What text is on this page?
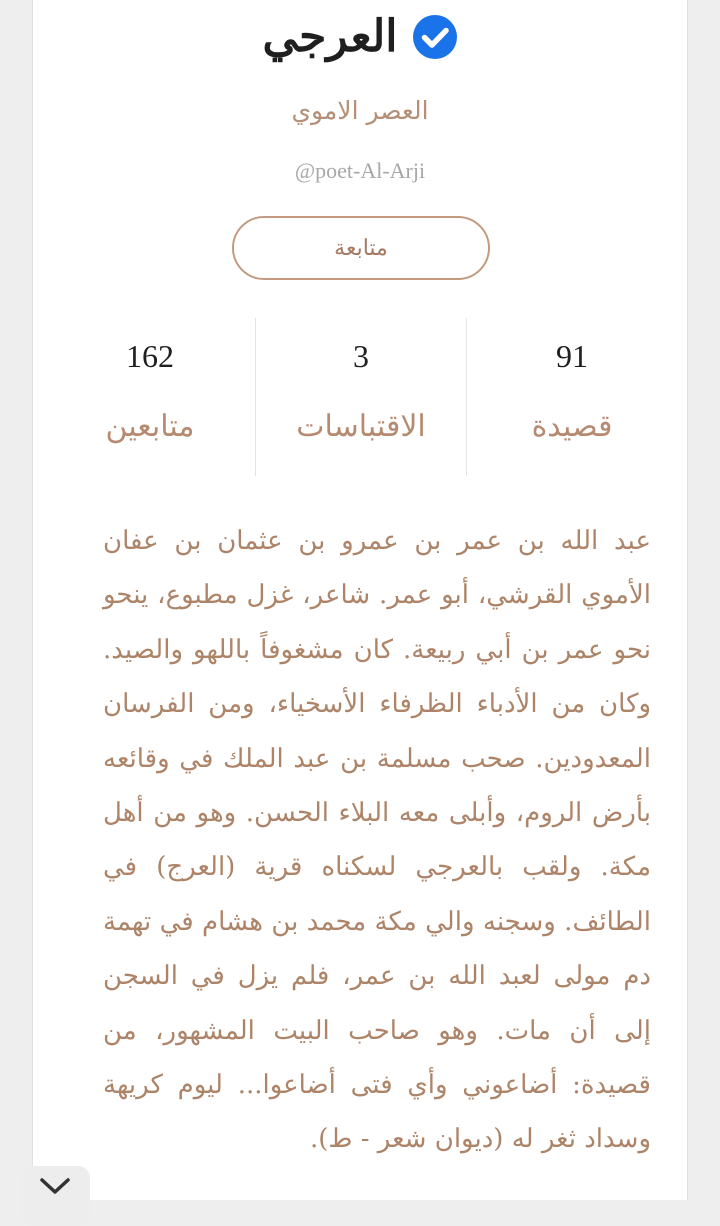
العرجي
العصر الاموي
@poet-Al-Arji
متابعة
91
قصيدة
3
الاقتباسات
162
متابعين

عبد الله بن عمر بن عمرو بن عثمان بن عفان الأموي القرشي، أبو عمر. شاعر، غزل مطبوع، ينحو نحو عمر بن أبي ربيعة. كان مشغوفاً باللهو والصيد. وكان من الأدباء الظرفاء الأسخياء، ومن الفرسان المعدودين. صحب مسلمة بن عبد الملك في وقائعه بأرض الروم، وأبلى معه البلاء الحسن. وهو من أهل مكة. ولقب بالعرجي لسكناه قرية (العرج) في الطائف. وسجنه والي مكة محمد بن هشام في تهمة دم مولى لعبد الله بن عمر، فلم يزل في السجن إلى أن مات. وهو صاحب البيت المشهور، من قصيدة: أضاعوني وأي فتى أضاعوا... ليوم كريهة وسداد ثغر له (ديوان شعر - ط).
